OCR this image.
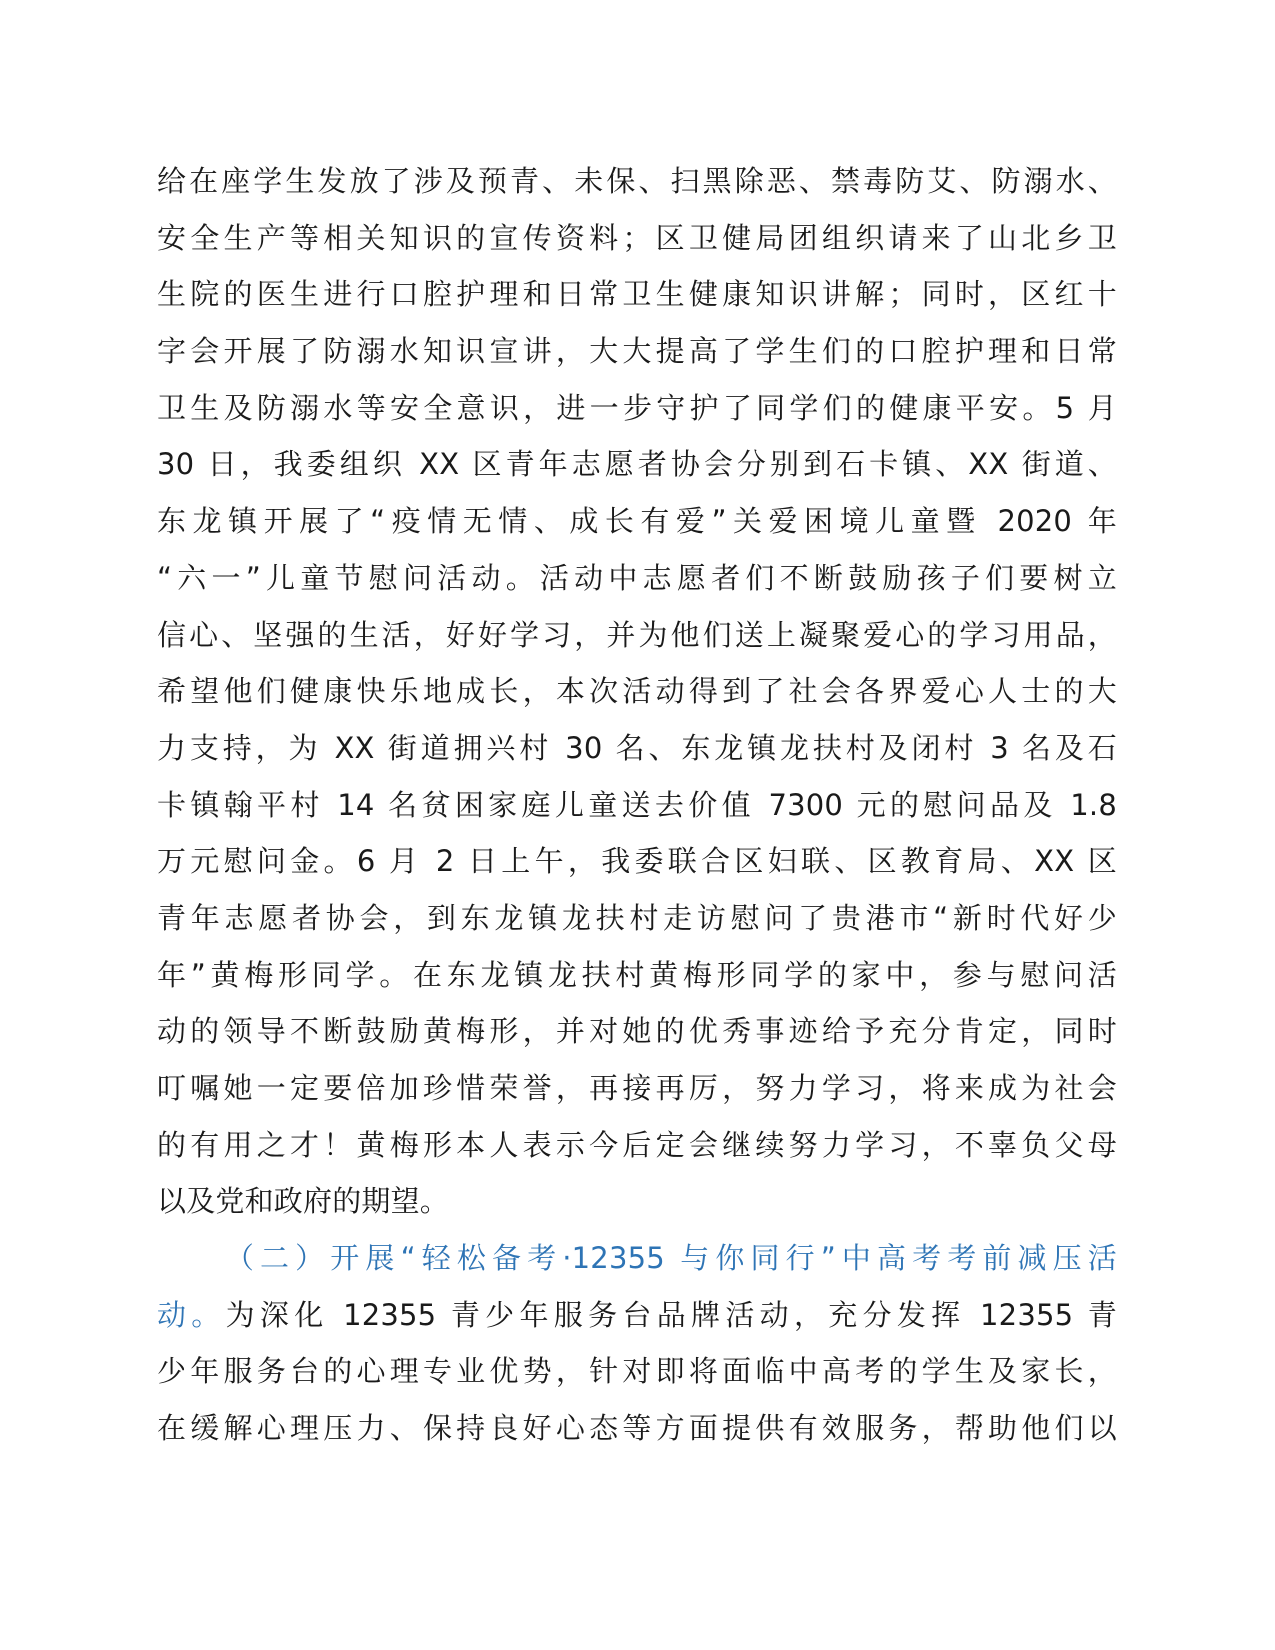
给在座学生发放了涉及预青、未保、扫黑除恶、禁毒防艾、防溺水、
安全生产等相关知识的宣传资料；区卫健局团组织请来了山北乡卫
生院的医生进行口腔护理和日常卫生健康知识讲解；同时，区红十
字会开展了防溺水知识宣讲，大大提高了学生们的口腔护理和日常
卫生及防溺水等安全意识，进一步守护了同学们的健康平安。5 月
30 日，我委组织 XX 区青年志愿者协会分别到石卡镇、XX 街道、
东龙镇开展了“疫情无情、成长有爱”关爱困境儿童暨 2020 年
“六一”儿童节慰问活动。活动中志愿者们不断鼓励孩子们要树立
信心、坚强的生活，好好学习，并为他们送上凝聚爱心的学习用品，
希望他们健康快乐地成长，本次活动得到了社会各界爱心人士的大
力支持，为 XX 街道拥兴村 30 名、东龙镇龙扶村及闭村 3 名及石
卡镇翰平村 14 名贫困家庭儿童送去价值 7300 元的慰问品及 1.8
万元慰问金。6 月 2 日上午，我委联合区妇联、区教育局、XX 区
青年志愿者协会，到东龙镇龙扶村走访慰问了贵港市“新时代好少
年”黄梅形同学。在东龙镇龙扶村黄梅形同学的家中，参与慰问活
动的领导不断鼓励黄梅形，并对她的优秀事迹给予充分肯定，同时
叮嘱她一定要倍加珍惜荣誉，再接再厉，努力学习，将来成为社会
的有用之才！黄梅形本人表示今后定会继续努力学习，不辜负父母
以及党和政府的期望。
（二）开展“轻松备考·12355 与你同行”中高考考前减压活
动。为深化 12355 青少年服务台品牌活动，充分发挥 12355 青
少年服务台的心理专业优势，针对即将面临中高考的学生及家长，
在缓解心理压力、保持良好心态等方面提供有效服务，帮助他们以
